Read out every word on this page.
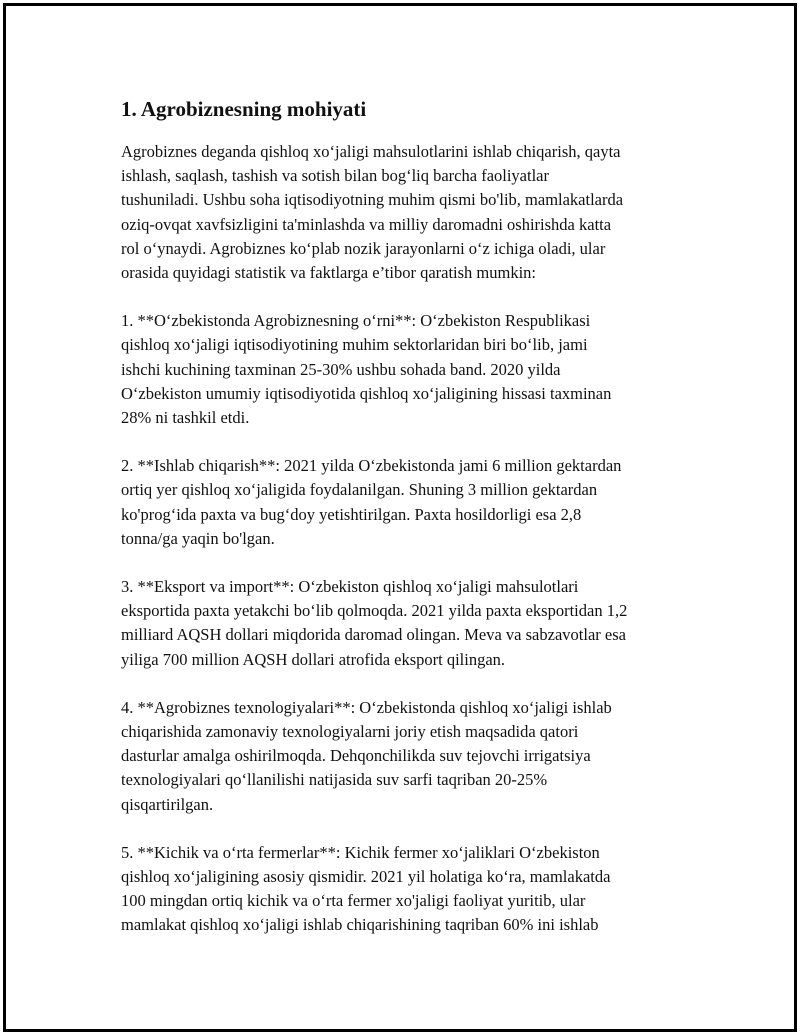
1. Agrobiznesning mohiyati
Agrobiznes deganda qishloq xo‘jaligi mahsulotlarini ishlab chiqarish, qayta
ishlash, saqlash, tashish va sotish bilan bog‘liq barcha faoliyatlar
tushuniladi. Ushbu soha iqtisodiyotning muhim qismi bo'lib, mamlakatlarda
oziq-ovqat xavfsizligini ta'minlashda va milliy daromadni oshirishda katta
rol o‘ynaydi. Agrobiznes ko‘plab nozik jarayonlarni o‘z ichiga oladi, ular
orasida quyidagi statistik va faktlarga e’tibor qaratish mumkin:
1. **O‘zbekistonda Agrobiznesning o‘rni**: O‘zbekiston Respublikasi
qishloq xo‘jaligi iqtisodiyotining muhim sektorlaridan biri bo‘lib, jami
ishchi kuchining taxminan 25-30% ushbu sohada band. 2020 yilda
O‘zbekiston umumiy iqtisodiyotida qishloq xo‘jaligining hissasi taxminan
28% ni tashkil etdi.
2. **Ishlab chiqarish**: 2021 yilda O‘zbekistonda jami 6 million gektardan
ortiq yer qishloq xo‘jaligida foydalanilgan. Shuning 3 million gektardan
ko'prog‘ida paxta va bug‘doy yetishtirilgan. Paxta hosildorligi esa 2,8
tonna/ga yaqin bo'lgan.
3. **Eksport va import**: O‘zbekiston qishloq xo‘jaligi mahsulotlari
eksportida paxta yetakchi bo‘lib qolmoqda. 2021 yilda paxta eksportidan 1,2
milliard AQSH dollari miqdorida daromad olingan. Meva va sabzavotlar esa
yiliga 700 million AQSH dollari atrofida eksport qilingan.
4. **Agrobiznes texnologiyalari**: O‘zbekistonda qishloq xo‘jaligi ishlab
chiqarishida zamonaviy texnologiyalarni joriy etish maqsadida qatori
dasturlar amalga oshirilmoqda. Dehqonchilikda suv tejovchi irrigatsiya
texnologiyalari qo‘llanilishi natijasida suv sarfi taqriban 20-25%
qisqartirilgan.
5. **Kichik va o‘rta fermerlar**: Kichik fermer xo‘jaliklari O‘zbekiston
qishloq xo‘jaligining asosiy qismidir. 2021 yil holatiga ko‘ra, mamlakatda
100 mingdan ortiq kichik va o‘rta fermer xo'jaligi faoliyat yuritib, ular
mamlakat qishloq xo‘jaligi ishlab chiqarishining taqriban 60% ini ishlab
